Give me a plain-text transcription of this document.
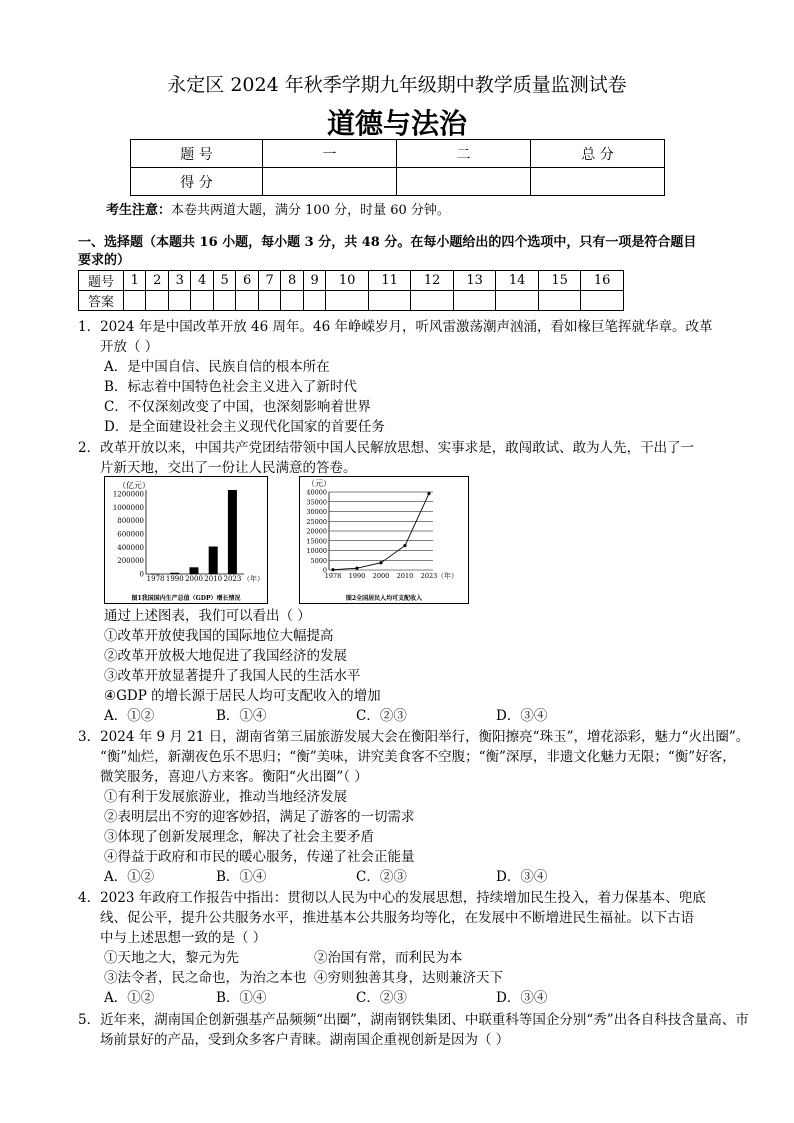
永定区 2024 年秋季学期九年级期中教学质量监测试卷
道德与法治
题 号	一	二	总 分
得 分			
考生注意：本卷共两道大题，满分 100 分，时量 60 分钟。
一、选择题（本题共 16 小题，每小题 3 分，共 48 分。在每小题给出的四个选项中，只有一项是符合题目
要求的）
题号	1	2	3	4	5	6	7	8	9	10	11	12	13	14	15	16
答案																
1．2024 年是中国改革开放 46 周年。46 年峥嵘岁月，听风雷激荡潮声汹涌，看如椽巨笔挥就华章。改革
开放（ ）
A．是中国自信、民族自信的根本所在
B．标志着中国特色社会主义进入了新时代
C．不仅深刻改变了中国，也深刻影响着世界
D．是全面建设社会主义现代化国家的首要任务
2．改革开放以来，中国共产党团结带领中国人民解放思想、实事求是，敢闯敢试、敢为人先，干出了一
片新天地，交出了一份让人民满意的答卷。
（亿元）
0
200000
400000
600000
800000
1000000
1200000
1978 1990 2000 2010 2023 （年）
图1我国国内生产总值（GDP）增长情况
（元）
0
5000
10000
15000
20000
25000
30000
35000
40000
1978 1990 2000 2010 2023 （年）
图2全国居民人均可支配收入
通过上述图表，我们可以看出（ ）
①改革开放使我国的国际地位大幅提高
②改革开放极大地促进了我国经济的发展
③改革开放显著提升了我国人民的生活水平
④GDP 的增长源于居民人均可支配收入的增加
A．①②	B．①④	C．②③	D．③④
3．2024 年 9 月 21 日，湖南省第三届旅游发展大会在衡阳举行，衡阳擦亮“珠玉”，增花添彩，魅力“火出圈”。
“衡”灿烂，新潮夜色乐不思归；“衡”美味，讲究美食客不空腹；“衡”深厚，非遗文化魅力无限；“衡”好客，
微笑服务，喜迎八方来客。衡阳“火出圈”（ ）
①有利于发展旅游业，推动当地经济发展
②表明层出不穷的迎客妙招，满足了游客的一切需求
③体现了创新发展理念，解决了社会主要矛盾
④得益于政府和市民的暖心服务，传递了社会正能量
A．①②	B．①④	C．②③	D．③④
4．2023 年政府工作报告中指出：贯彻以人民为中心的发展思想，持续增加民生投入，着力保基本、兜底
线、促公平，提升公共服务水平，推进基本公共服务均等化，在发展中不断增进民生福祉。以下古语
中与上述思想一致的是（ ）
①天地之大，黎元为先	②治国有常，而利民为本
③法令者，民之命也，为治之本也 ④穷则独善其身，达则兼济天下
A．①②	B．①④	C．②③	D．③④
5．近年来，湖南国企创新强基产品频频“出圈”，湖南钢铁集团、中联重科等国企分别“秀”出各自科技含量高、市
场前景好的产品，受到众多客户青睐。湖南国企重视创新是因为（ ）
